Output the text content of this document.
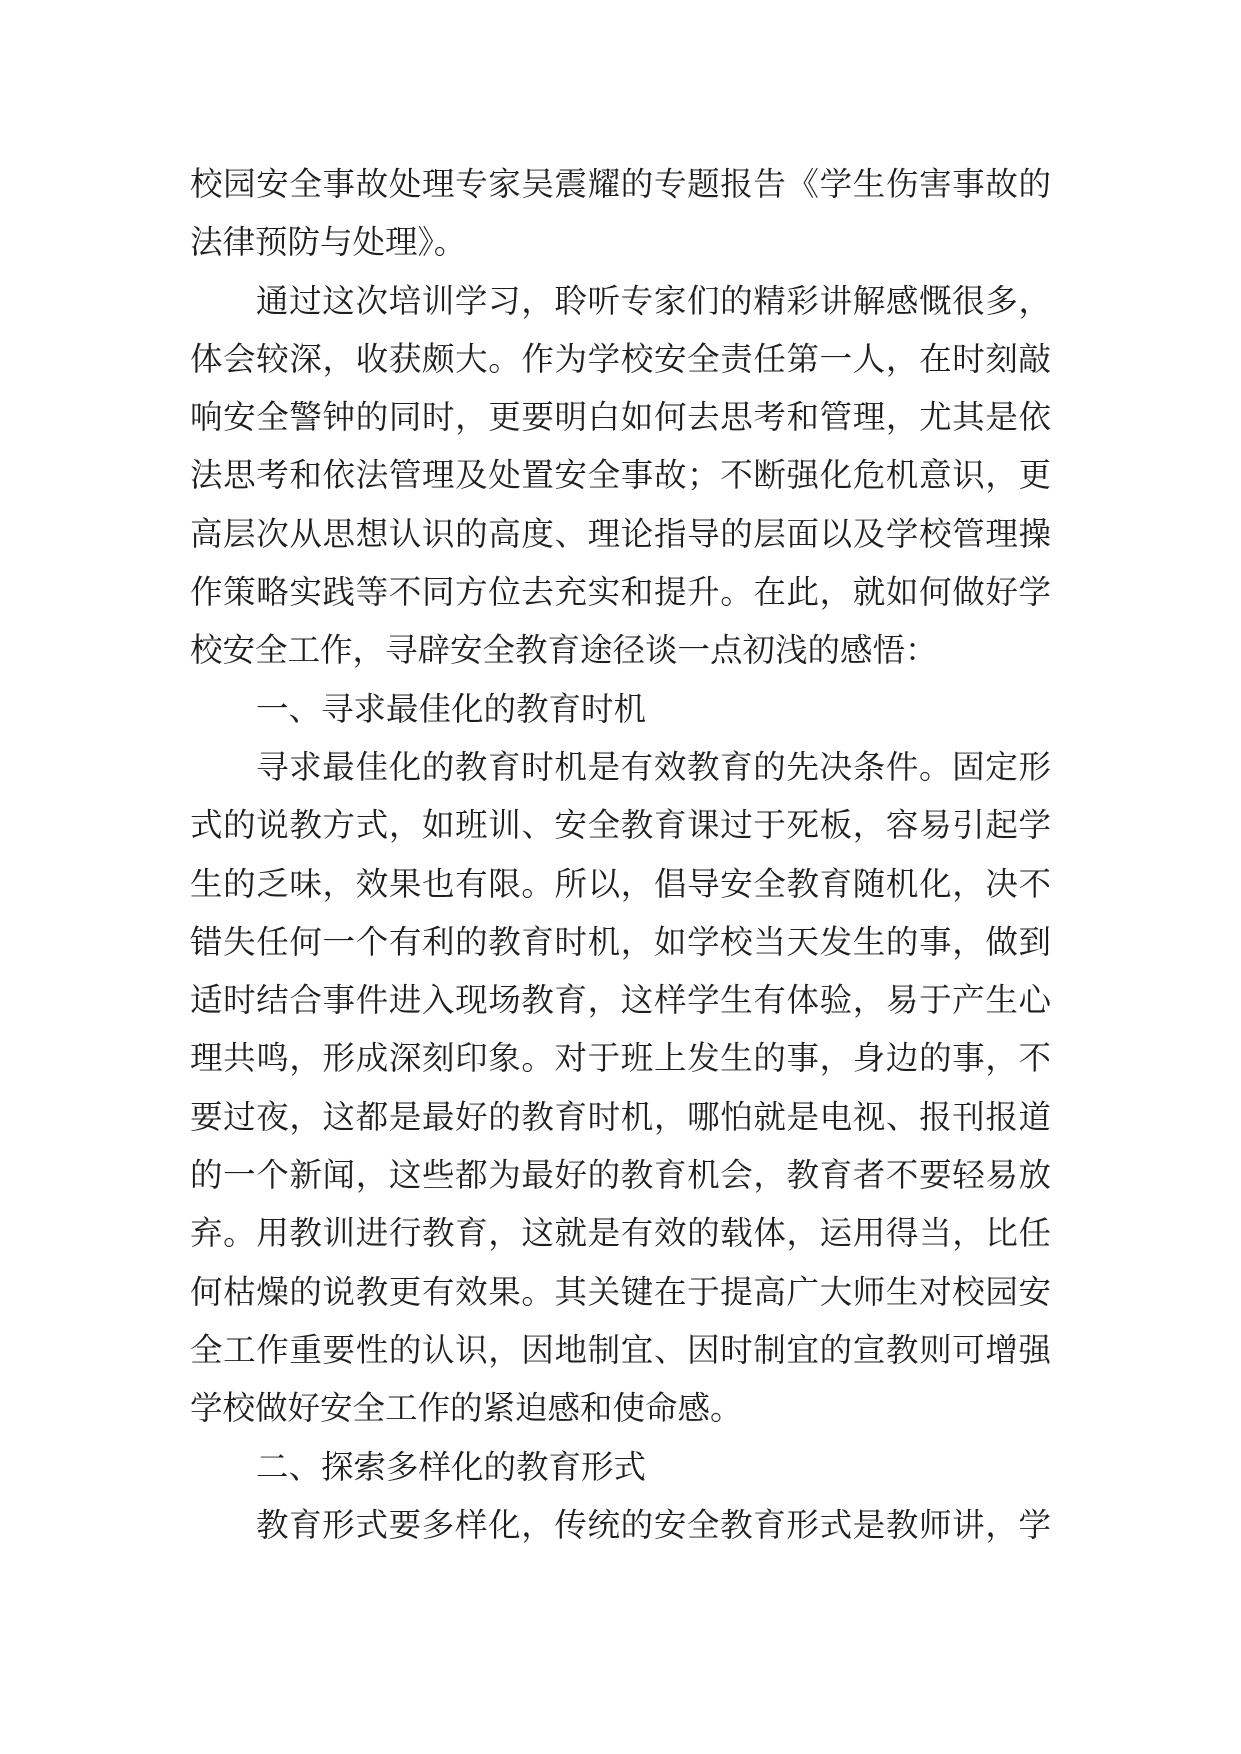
校园安全事故处理专家吴震耀的专题报告《学生伤害事故的
法律预防与处理》。
通过这次培训学习，聆听专家们的精彩讲解感慨很多，
体会较深，收获颇大。作为学校安全责任第一人，在时刻敲
响安全警钟的同时，更要明白如何去思考和管理，尤其是依
法思考和依法管理及处置安全事故；不断强化危机意识，更
高层次从思想认识的高度、理论指导的层面以及学校管理操
作策略实践等不同方位去充实和提升。在此，就如何做好学
校安全工作，寻辟安全教育途径谈一点初浅的感悟：
一、寻求最佳化的教育时机
寻求最佳化的教育时机是有效教育的先决条件。固定形
式的说教方式，如班训、安全教育课过于死板，容易引起学
生的乏味，效果也有限。所以，倡导安全教育随机化，决不
错失任何一个有利的教育时机，如学校当天发生的事，做到
适时结合事件进入现场教育，这样学生有体验，易于产生心
理共鸣，形成深刻印象。对于班上发生的事，身边的事，不
要过夜，这都是最好的教育时机，哪怕就是电视、报刊报道
的一个新闻，这些都为最好的教育机会，教育者不要轻易放
弃。用教训进行教育，这就是有效的载体，运用得当，比任
何枯燥的说教更有效果。其关键在于提高广大师生对校园安
全工作重要性的认识，因地制宜、因时制宜的宣教则可增强
学校做好安全工作的紧迫感和使命感。
二、探索多样化的教育形式
教育形式要多样化，传统的安全教育形式是教师讲，学
